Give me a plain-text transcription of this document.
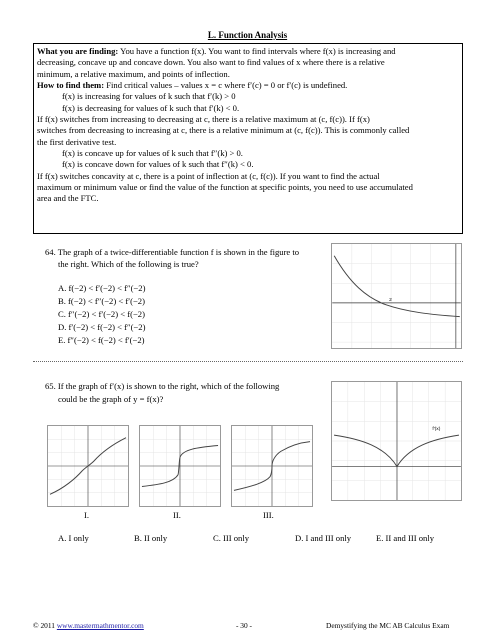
L. Function Analysis

What you are finding: You have a function f(x). You want to find intervals where f(x) is increasing and

decreasing, concave up and concave down. You also want to find values of x where there is a relative

minimum, a relative maximum, and points of inflection.

How to find them: Find critical values – values x = c where f′(c) = 0 or f′(c) is undefined.

f(x) is increasing for values of k such that f′(k) > 0

f(x) is decreasing for values of k such that f′(k) < 0.

If f(x) switches from increasing to decreasing at c, there is a relative maximum at (c, f(c)). If f(x)

switches from decreasing to increasing at c, there is a relative minimum at (c, f(c)). This is commonly called

the first derivative test.

f(x) is concave up for values of k such that f″(k) > 0.

f(x) is concave down for values of k such that f″(k) < 0.

If f(x) switches concavity at c, there is a point of inflection at (c, f(c)). If you want to find the actual

maximum or minimum value or find the value of the function at specific points, you need to use accumulated

area and the FTC.

64. The graph of a twice-differentiable function f is shown in the figure to
the right. Which of the following is true?
A. f(−2) < f′(−2) < f″(−2)
B. f(−2) < f″(−2) < f′(−2)
C. f″(−2) < f′(−2) < f(−2)
D. f′(−2) < f(−2) < f″(−2)
E. f″(−2) < f(−2) < f′(−2)
2
65. If the graph of f′(x) is shown to the right, which of the following
could be the graph of y = f(x)?
f′(x)
I.	II.	III.
A. I only	B. II only	C. III only	D. I and III only	E. II and III only
© 2011 www.mastermathmentor.com	- 30 -	Demystifying the MC AB Calculus Exam
